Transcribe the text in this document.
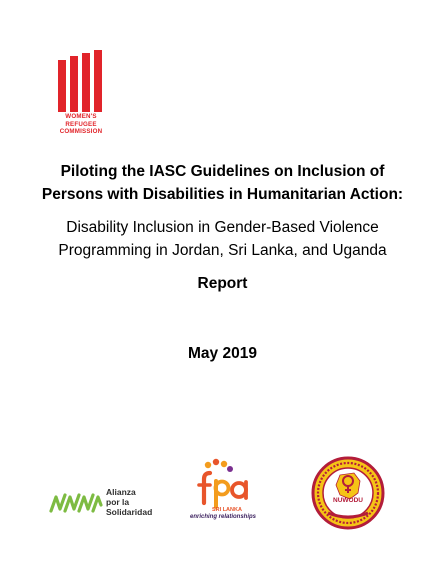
WOMEN'S
REFUGEE
COMMISSION
Piloting the IASC Guidelines on Inclusion of
Persons with Disabilities in Humanitarian Action:
Disability Inclusion in Gender-Based Violence
Programming in Jordan, Sri Lanka, and Uganda
Report
May 2019
Alianza
por la
Solidaridad	SRI LANKA
enriching relationships
NUWODU
